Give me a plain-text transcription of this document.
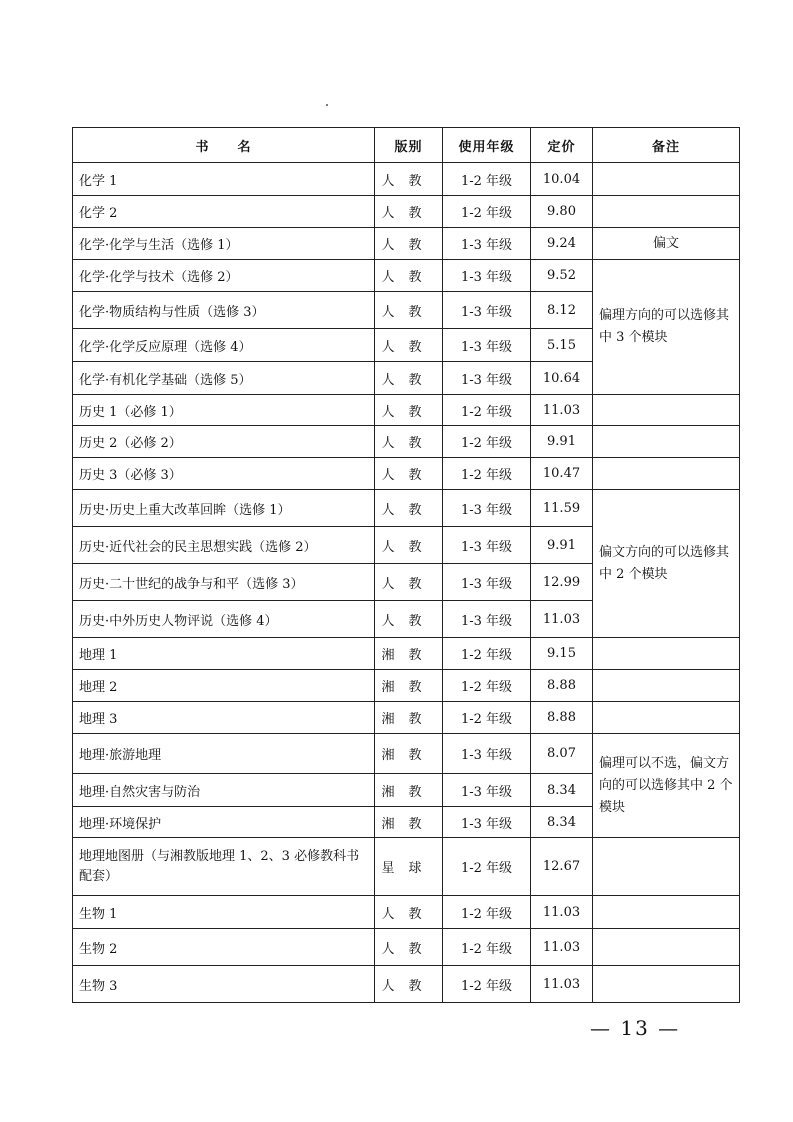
书　　名	版别	使用年级	定价	备注
化学 1	人教	1-2 年级	10.04	
化学 2	人教	1-2 年级	9.80	
化学·化学与生活（选修 1）	人教	1-3 年级	9.24	偏文
化学·化学与技术（选修 2）	人教	1-3 年级	9.52	偏理方向的可以选修其中 3 个模块
化学·物质结构与性质（选修 3）	人教	1-3 年级	8.12	
化学·化学反应原理（选修 4）	人教	1-3 年级	5.15	
化学·有机化学基础（选修 5）	人教	1-3 年级	10.64	
历史 1（必修 1）	人教	1-2 年级	11.03	
历史 2（必修 2）	人教	1-2 年级	9.91	
历史 3（必修 3）	人教	1-2 年级	10.47	
历史·历史上重大改革回眸（选修 1）	人教	1-3 年级	11.59	偏文方向的可以选修其中 2 个模块
历史·近代社会的民主思想实践（选修 2）	人教	1-3 年级	9.91	
历史·二十世纪的战争与和平（选修 3）	人教	1-3 年级	12.99	
历史·中外历史人物评说（选修 4）	人教	1-3 年级	11.03	
地理 1	湘教	1-2 年级	9.15	
地理 2	湘教	1-2 年级	8.88	
地理 3	湘教	1-2 年级	8.88	
地理·旅游地理	湘教	1-3 年级	8.07	偏理可以不选，偏文方向的可以选修其中 2 个模块
地理·自然灾害与防治	湘教	1-3 年级	8.34	
地理·环境保护	湘教	1-3 年级	8.34	
地理地图册（与湘教版地理 1、2、3 必修教科书配套）	星球	1-2 年级	12.67	
生物 1	人教	1-2 年级	11.03	
生物 2	人教	1-2 年级	11.03	
生物 3	人教	1-2 年级	11.03	
— 13 —
